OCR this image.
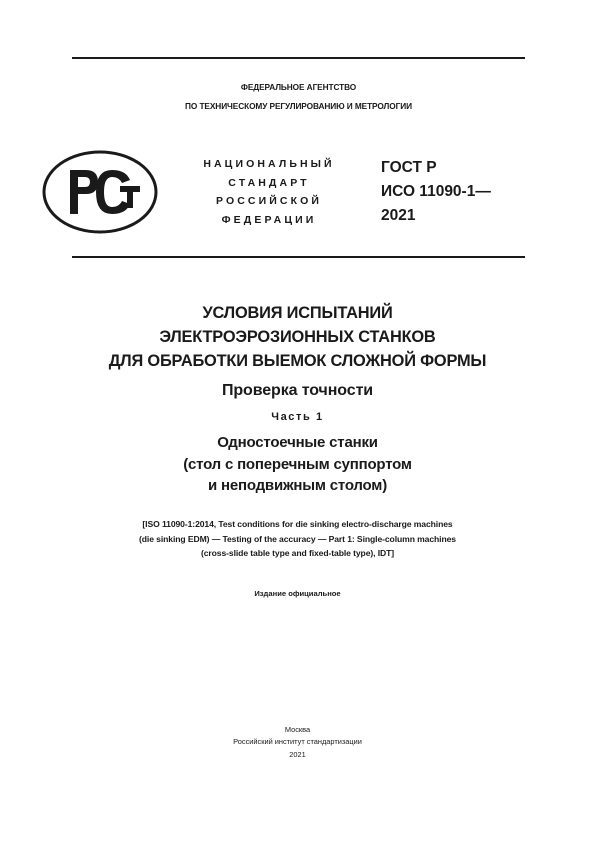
ФЕДЕРАЛЬНОЕ АГЕНТСТВО
ПО ТЕХНИЧЕСКОМУ РЕГУЛИРОВАНИЮ И МЕТРОЛОГИИ
НАЦИОНАЛЬНЫЙ
СТАНДАРТ
РОССИЙСКОЙ
ФЕДЕРАЦИИ
ГОСТ Р
ИСО 11090-1—
2021
УСЛОВИЯ ИСПЫТАНИЙ
ЭЛЕКТРОЭРОЗИОННЫХ СТАНКОВ
ДЛЯ ОБРАБОТКИ ВЫЕМОК СЛОЖНОЙ ФОРМЫ
Проверка точности
Часть 1
Одностоечные станки
(стол с поперечным суппортом
и неподвижным столом)
[ISO 11090-1:2014, Test conditions for die sinking electro-discharge machines
(die sinking EDM) — Testing of the accuracy — Part 1: Single-column machines
(cross-slide table type and fixed-table type), IDT]
Издание официальное
Москва
Российский институт стандартизации
2021
